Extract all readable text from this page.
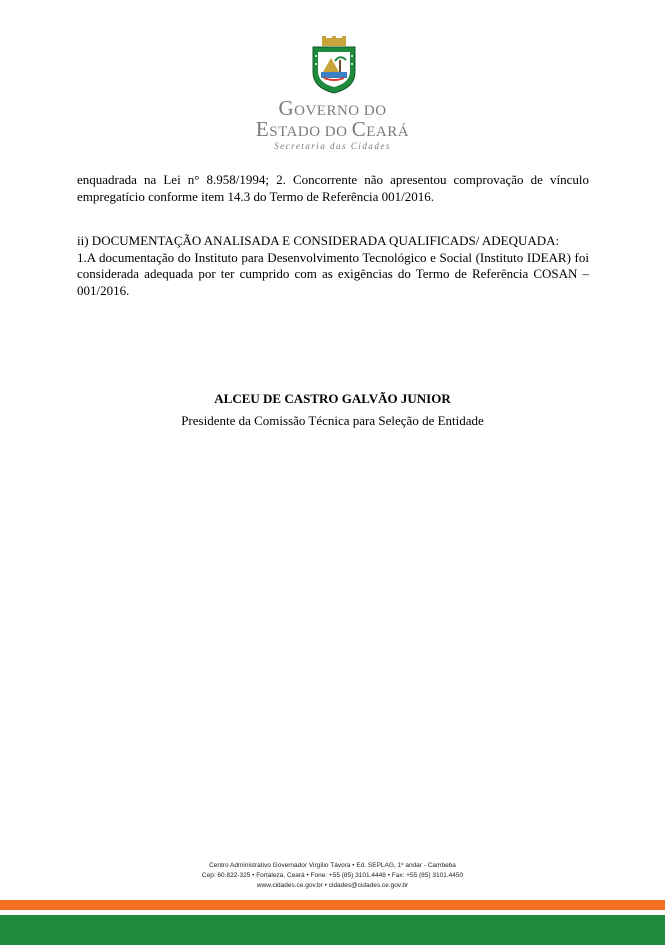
GOVERNO DO
ESTADO DO CEARÁ
Secretaria das Cidades
enquadrada na Lei n° 8.958/1994; 2. Concorrente não apresentou comprovação de vínculo empregatício conforme item 14.3 do Termo de Referência 001/2016.
ii) DOCUMENTAÇÃO ANALISADA E CONSIDERADA QUALIFICADS/ ADEQUADA:
1.A documentação do Instituto para Desenvolvimento Tecnológico e Social (Instituto IDEAR) foi considerada adequada por ter cumprido com as exigências do Termo de Referência COSAN – 001/2016.
ALCEU DE CASTRO GALVÃO JUNIOR
Presidente da Comissão Técnica para Seleção de Entidade
Centro Administrativo Governador Virgílio Távora • Ed. SEPLAG, 1º andar - Cambeba
Cep: 60.822-325 • Fortaleza, Ceará • Fone: +55 (85) 3101.4448 • Fax: +55 (85) 3101.4450
www.cidades.ce.gov.br • cidades@cidades.ce.gov.br
